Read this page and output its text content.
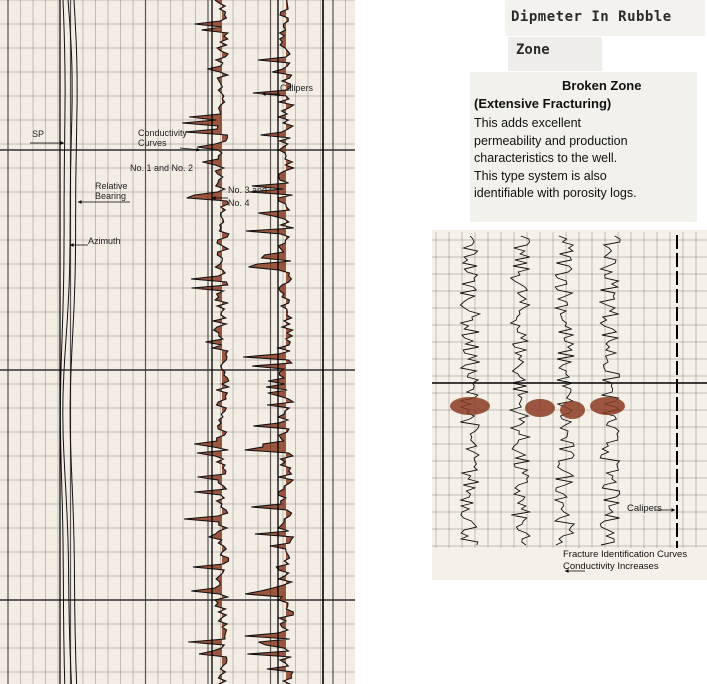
Calipers
SP	Conductivity
Curves
No. 1 and No. 2
Relative
Bearing
No. 3 and
No. 4
Azimuth
Dipmeter In Rubble
Zone
Broken Zone
(Extensive Fracturing)
This adds excellent
permeability and production
characteristics to the well.
This type system is also
identifiable with porosity logs.
Calipers
Fracture Identification Curves
Conductivity Increases
